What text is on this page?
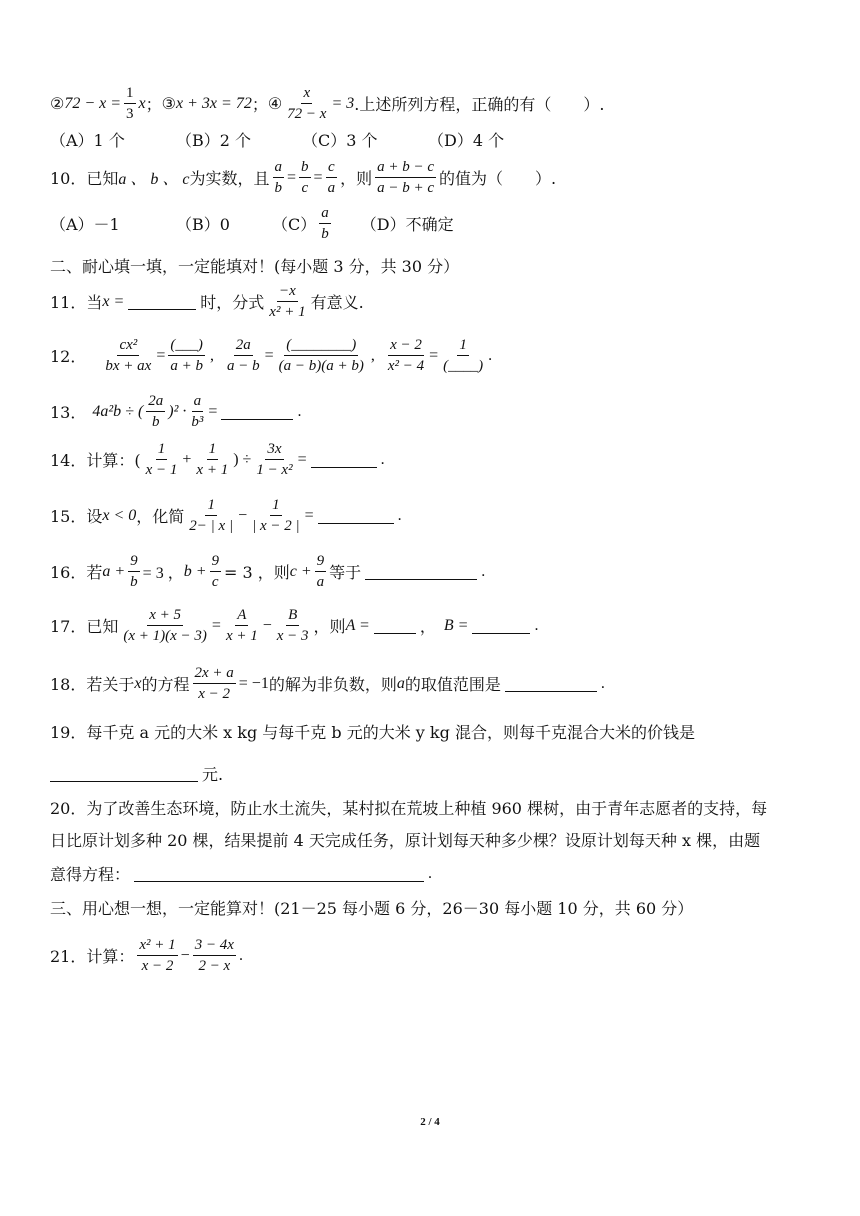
② $72 - x = \frac{1}{3}$ x ； ③ x + 3x = 72 ； ④ $\frac{x}{72 - x} = 3$ .上述所列方程，正确的有（　　）.
（A）1 个	（B）2 个	（C）3 个	（D）4 个
10．已知 a 、 b 、 c 为实数，且 $\frac{a}{b} = \frac{b}{c} = \frac{c}{a}$ ，则 $\frac{a + b - c}{a - b + c}$ 的值为（　　）.
（A）－1	（B）0	$(C) \frac{a}{b} (D)$不确定
二、耐心填一填，一定能填对！(每小题 3 分，共 30 分）
11．当 x =	时，分式 $\frac{-x}{\text{x² + 1}}$ 有意义.
12． $\frac{\text{cx²}}{bx + ax} = \frac{(\_\_\_)}{a + b}$ , $\frac{2a}{a - b} = \frac{(\_\_\_\_\_\_\_\_)}{(a - b)(a + b)}$ , $\frac{x - 2}{\text{x² − 4}} = \frac{1}{(\_\_\_\_)}$ .
13． 4a²b ÷ ( $\frac{2a}{b} )^2 \cdot \frac{a}{\text{b³}}$ =	.
14．计算：( $\frac{1}{x - 1} + \frac{1}{x + 1}$ ) ÷ $\frac{3x}{\text{1 − x²}}$ =	.
15．设 x < 0 ，化简 $\frac{1}{2- | x |} - \frac{1}{| x - 2 |}$ =	.
16．若 $a + \frac{9}{b} = 3$ ， $b + \frac{9}{c} = 3$ ，则 $c + \frac{9}{a}$ 等于	.
17．已知 $\frac{x + 5}{(x + 1)(x - 3)} = \frac{A}{x + 1} - \frac{B}{x - 3}$ ，则 A =	， B =	.
18．若关于 x 的方程 $\frac{2x + a}{x - 2} = -1$ 的解为非负数，则 a 的取值范围是	.
19．每千克 a 元的大米 x kg 与每千克 b 元的大米 y kg 混合，则每千克混合大米的价钱是
元.
20．为了改善生态环境，防止水土流失，某村拟在荒坡上种植 960 棵树，由于青年志愿者的支持，每
日比原计划多种 20 棵，结果提前 4 天完成任务，原计划每天种多少棵？设原计划每天种 x 棵，由题
意得方程：	.
三、用心想一想，一定能算对！(21－25 每小题 6 分，26－30 每小题 10 分，共 60 分）
21．计算： $\frac{\text{x² + 1}}{x - 2} - \frac{3 - 4x}{2 - x}$ .
2 / 4
